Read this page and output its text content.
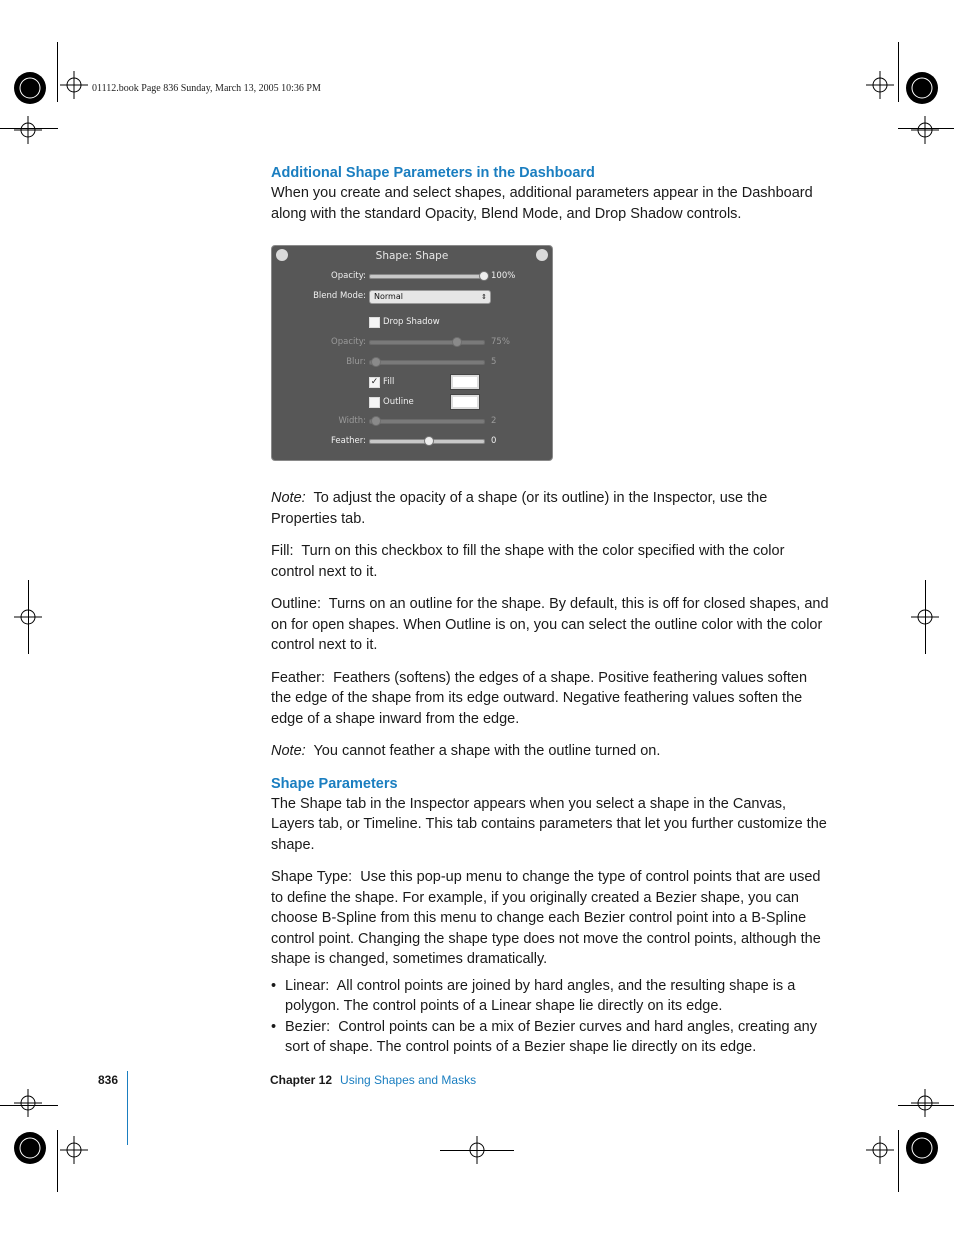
01112.book Page 836 Sunday, March 13, 2005 10:36 PM
Shape: Shape
Opacity:	100%
Blend Mode:	Normal	⇕
Drop Shadow
Opacity:	75%
Blur:	5
✓ Fill
Outline
Width:	2
Feather:	0
Additional Shape Parameters in the Dashboard

When you create and select shapes, additional parameters appear in the Dashboard along with the standard Opacity, Blend Mode, and Drop Shadow controls.

Note: To adjust the opacity of a shape (or its outline) in the Inspector, use the Properties tab.

Fill: Turn on this checkbox to fill the shape with the color specified with the color control next to it.

Outline: Turns on an outline for the shape. By default, this is off for closed shapes, and on for open shapes. When Outline is on, you can select the outline color with the color control next to it.

Feather: Feathers (softens) the edges of a shape. Positive feathering values soften the edge of the shape from its edge outward. Negative feathering values soften the edge of a shape inward from the edge.

Note: You cannot feather a shape with the outline turned on.

Shape Parameters

The Shape tab in the Inspector appears when you select a shape in the Canvas, Layers tab, or Timeline. This tab contains parameters that let you further customize the shape.

Shape Type: Use this pop-up menu to change the type of control points that are used to define the shape. For example, if you originally created a Bezier shape, you can choose B-Spline from this menu to change each Bezier control point into a B-Spline control point. Changing the shape type does not move the control points, although the shape is changed, sometimes dramatically.

• Linear: All control points are joined by hard angles, and the resulting shape is a polygon. The control points of a Linear shape lie directly on its edge.
• Bezier: Control points can be a mix of Bezier curves and hard angles, creating any sort of shape. The control points of a Bezier shape lie directly on its edge.
836	Chapter 12 Using Shapes and Masks
